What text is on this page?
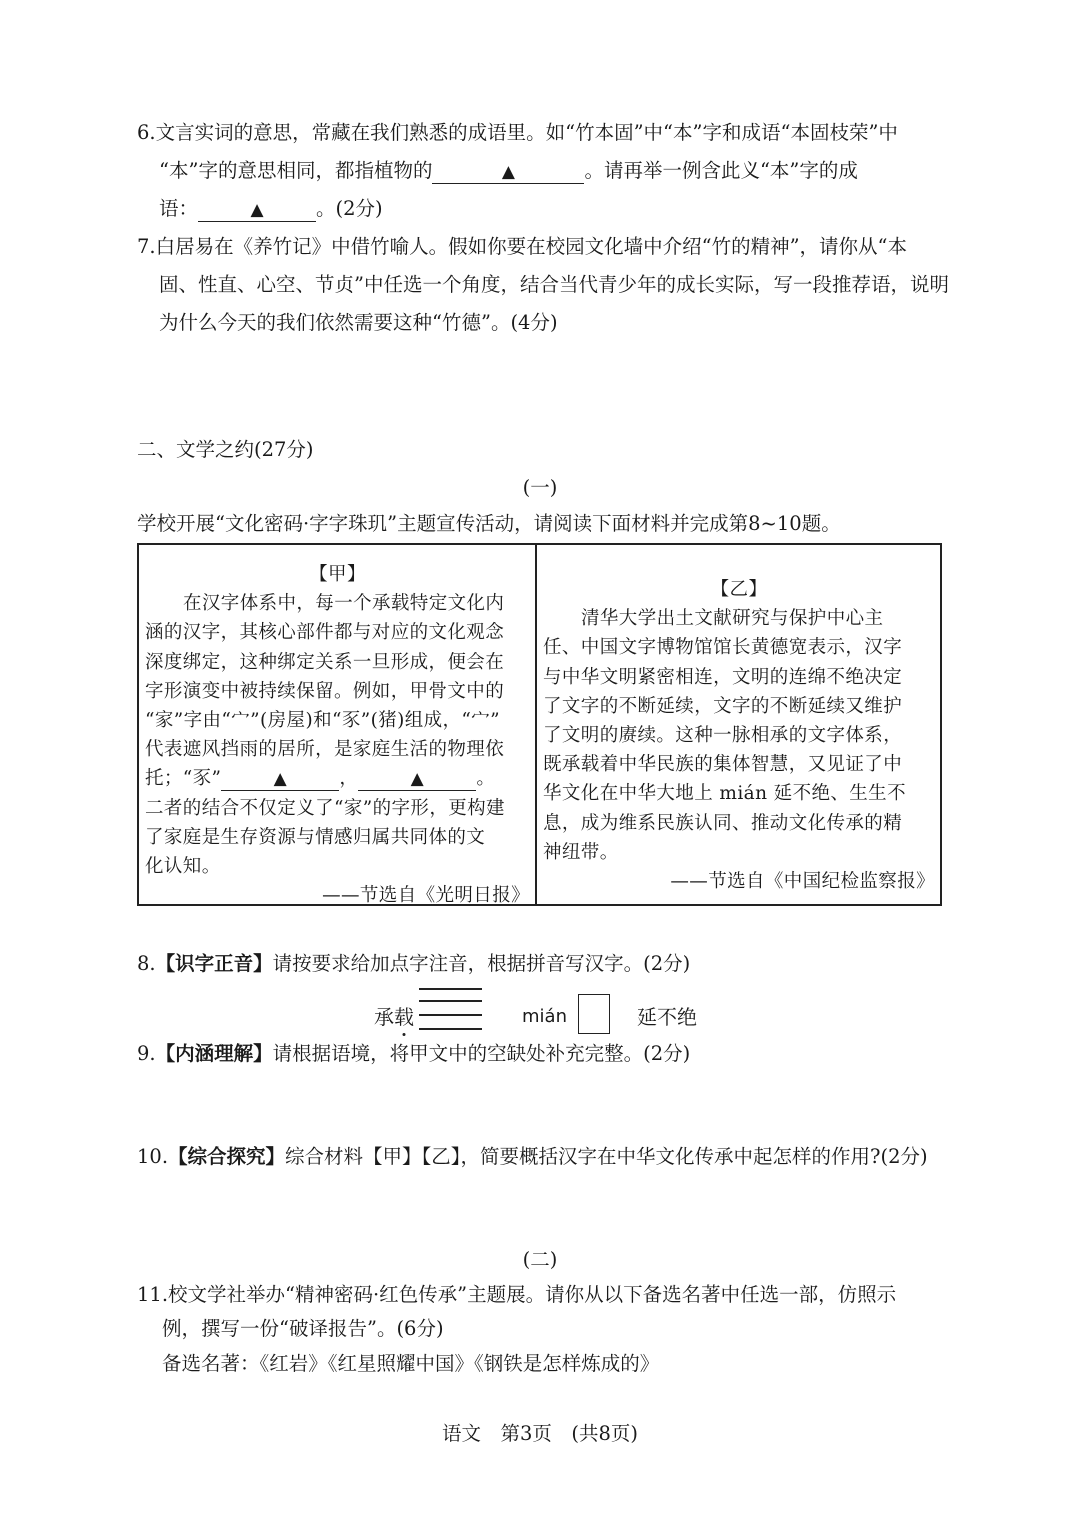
6.文言实词的意思，常藏在我们熟悉的成语里。如“竹本固”中“本”字和成语“本固枝荣”中
“本”字的意思相同，都指植物的	▲	。请再举一例含此义“本”字的成
语：	▲	。(2分)
7.白居易在《养竹记》中借竹喻人。假如你要在校园文化墙中介绍“竹的精神”，请你从“本
固、性直、心空、节贞”中任选一个角度，结合当代青少年的成长实际，写一段推荐语，说明
为什么今天的我们依然需要这种“竹德”。(4分)
二、文学之约(27分)
(一)
学校开展“文化密码·字字珠玑”主题宣传活动，请阅读下面材料并完成第8~10题。
【甲】
在汉字体系中，每一个承载特定文化内
涵的汉字，其核心部件都与对应的文化观念
深度绑定，这种绑定关系一旦形成，便会在
字形演变中被持续保留。例如，甲骨文中的
“家”字由“宀”(房屋)和“豕”(猪)组成，“宀”
代表遮风挡雨的居所，是家庭生活的物理依
托；“豕”	▲	，	▲	。
二者的结合不仅定义了“家”的字形，更构建
了家庭是生存资源与情感归属共同体的文
化认知。
——节选自《光明日报》
【乙】
清华大学出土文献研究与保护中心主
任、中国文字博物馆馆长黄德宽表示，汉字
与中华文明紧密相连，文明的连绵不绝决定
了文字的不断延续，文字的不断延续又维护
了文明的赓续。这种一脉相承的文字体系，
既承载着中华民族的集体智慧，又见证了中
华文化在中华大地上 mián 延不绝、生生不
息，成为维系民族认同、推动文化传承的精
神纽带。
——节选自《中国纪检监察报》
8.【识字正音】请按要求给加点字注音，根据拼音写汉字。(2分)
承载	mián	延不绝
9.【内涵理解】请根据语境，将甲文中的空缺处补充完整。(2分)
10.【综合探究】综合材料【甲】【乙】，简要概括汉字在中华文化传承中起怎样的作用?(2分)
(二)
11.校文学社举办“精神密码·红色传承”主题展。请你从以下备选名著中任选一部，仿照示
例，撰写一份“破译报告”。(6分)
备选名著：《红岩》《红星照耀中国》《钢铁是怎样炼成的》
语文　第3页　(共8页)
